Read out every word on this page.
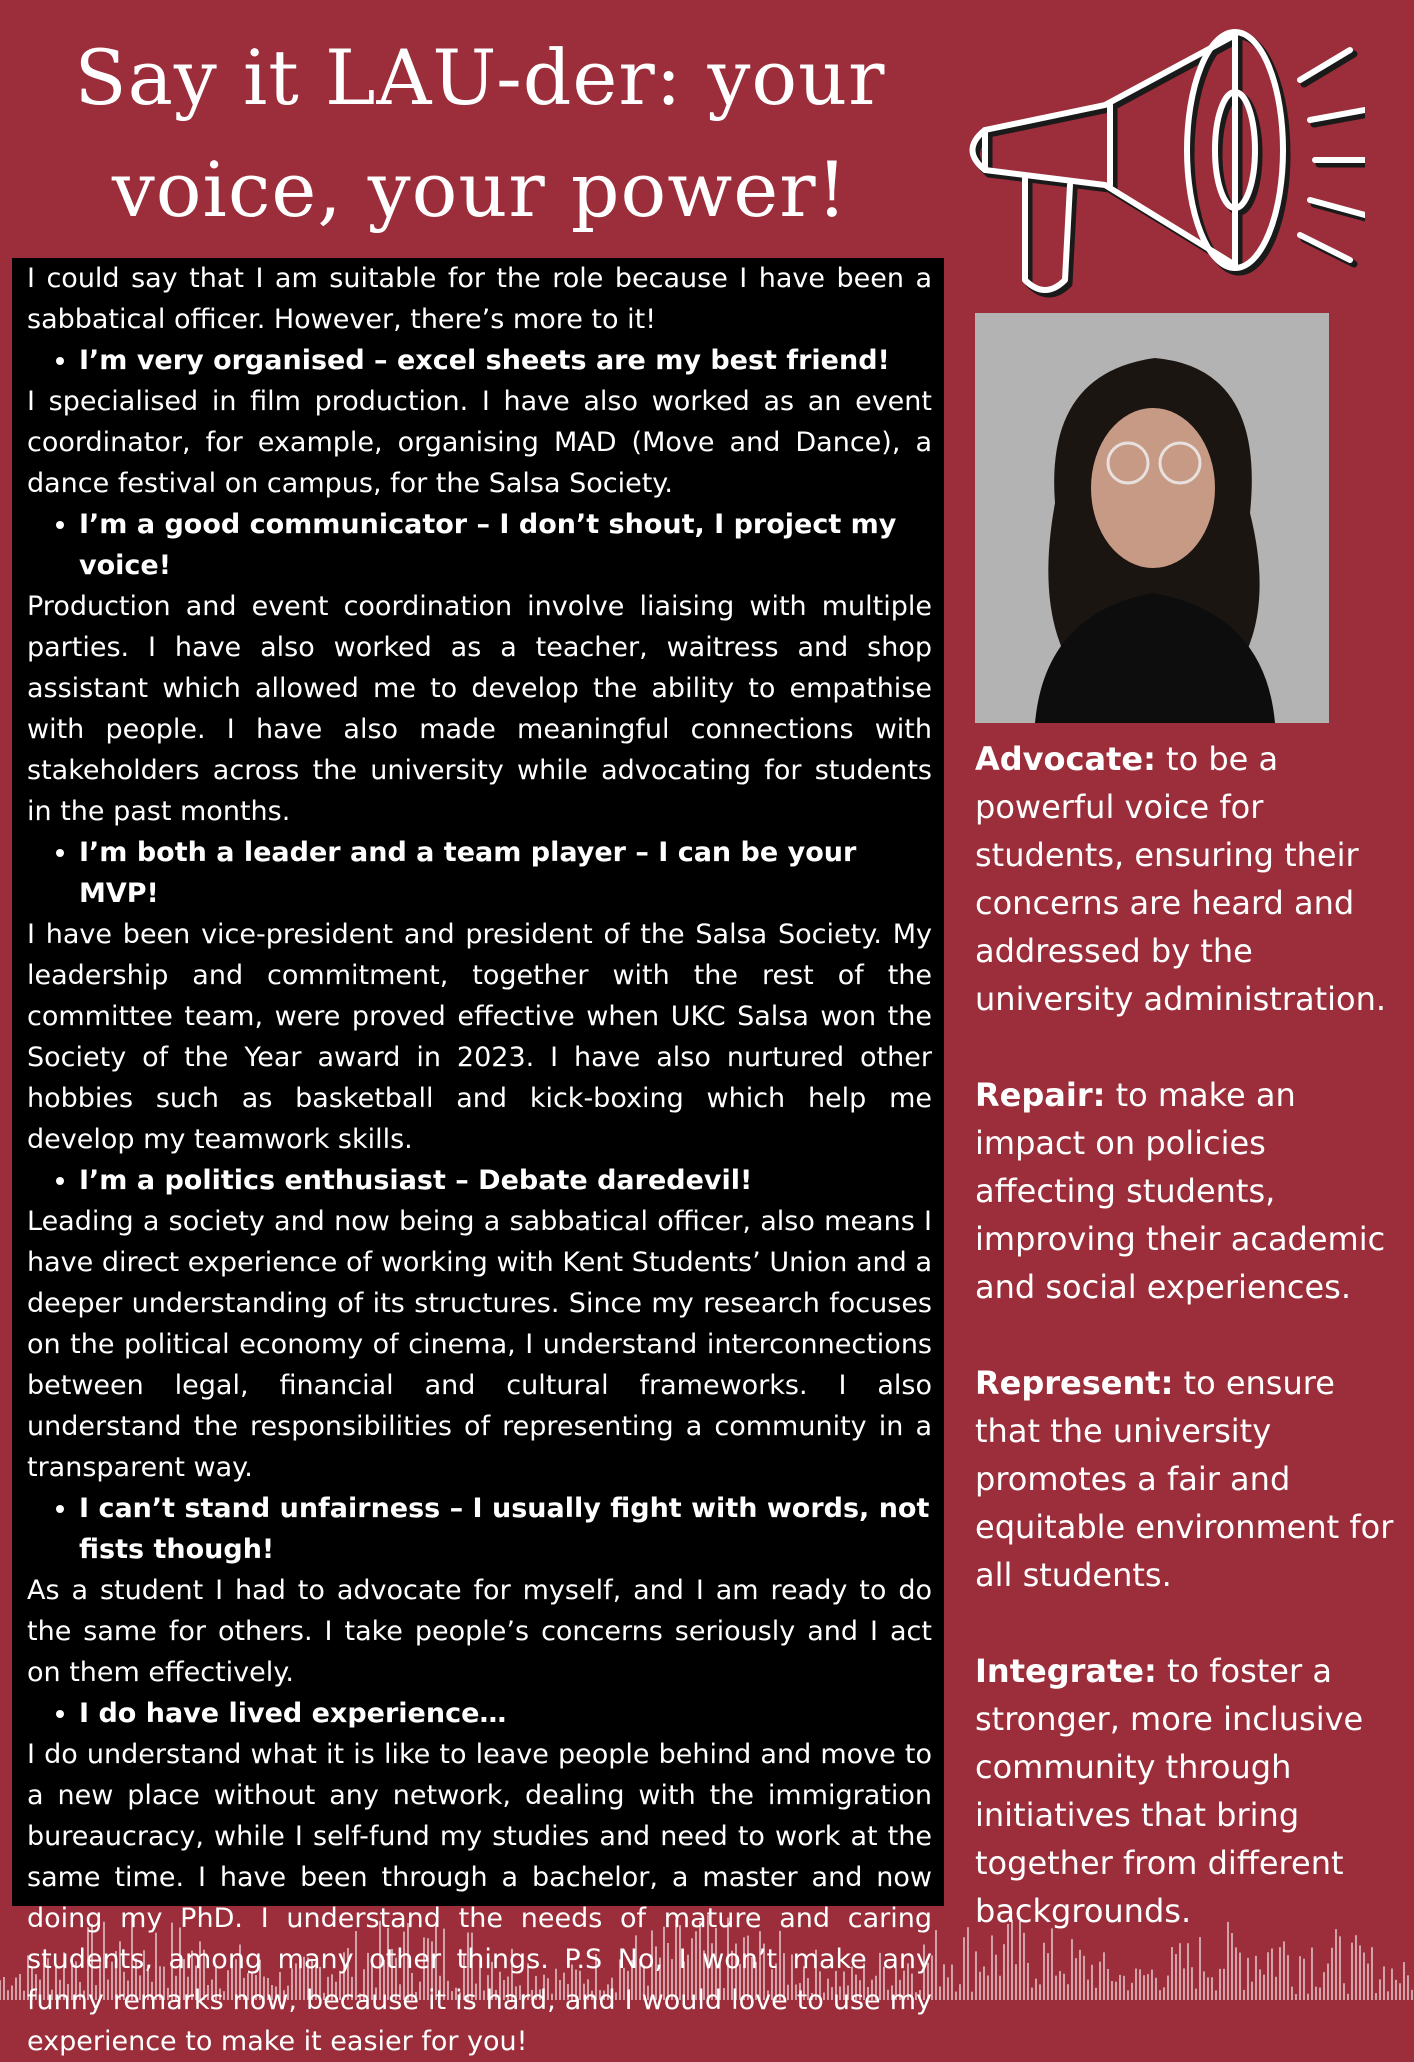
Say it LAU-der: your
voice, your power!

I could say that I am suitable for the role because I have been a sabbatical officer. However, there’s more to it!

• I’m very organised – excel sheets are my best friend!

I specialised in film production. I have also worked as an event coordinator, for example, organising MAD (Move and Dance), a dance festival on campus, for the Salsa Society.

• I’m a good communicator – I don’t shout, I project my voice!

Production and event coordination involve liaising with multiple parties. I have also worked as a teacher, waitress and shop assistant which allowed me to develop the ability to empathise with people. I have also made meaningful connections with stakeholders across the university while advocating for students in the past months.

• I’m both a leader and a team player – I can be your MVP!

I have been vice-president and president of the Salsa Society. My leadership and commitment, together with the rest of the committee team, were proved effective when UKC Salsa won the Society of the Year award in 2023. I have also nurtured other hobbies such as basketball and kick-boxing which help me develop my teamwork skills.

• I’m a politics enthusiast – Debate daredevil!

Leading a society and now being a sabbatical officer, also means I have direct experience of working with Kent Students’ Union and a deeper understanding of its structures. Since my research focuses on the political economy of cinema, I understand interconnections between legal, financial and cultural frameworks. I also understand the responsibilities of representing a community in a transparent way.

• I can’t stand unfairness – I usually fight with words, not fists though!

As a student I had to advocate for myself, and I am ready to do the same for others. I take people’s concerns seriously and I act on them effectively.

• I do have lived experience…

I do understand what it is like to leave people behind and move to a new place without any network, dealing with the immigration bureaucracy, while I self-fund my studies and need to work at the same time. I have been through a bachelor, a master and now doing my PhD. I understand the needs of mature and caring students, among many other things. P.S No, I won’t make any funny remarks now, because it is hard, and I would love to use my experience to make it easier for you!

Advocate: to be a powerful voice for students, ensuring their concerns are heard and addressed by the university administration.

Repair: to make an impact on policies affecting students, improving their academic and social experiences.

Represent: to ensure that the university promotes a fair and equitable environment for all students.

Integrate: to foster a stronger, more inclusive community through initiatives that bring together from different backgrounds.
